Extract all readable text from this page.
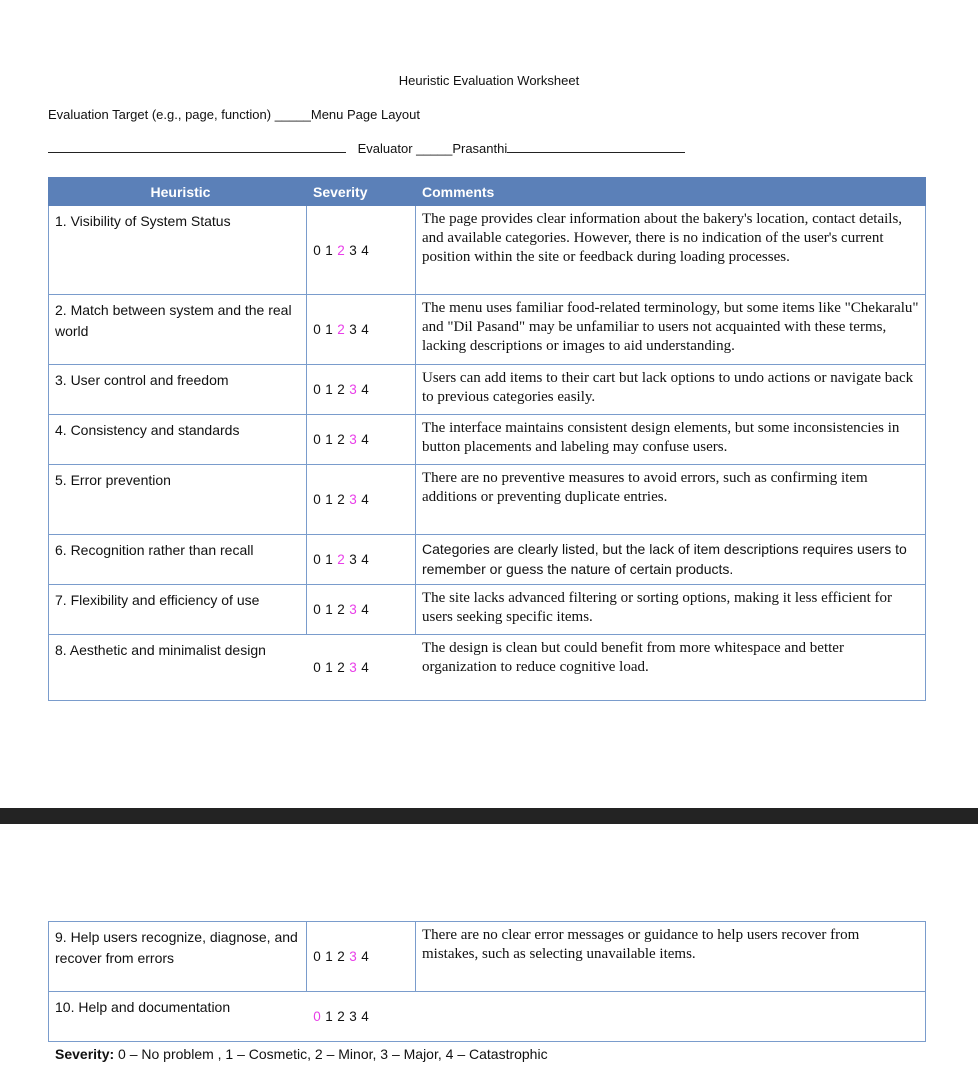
Heuristic Evaluation Worksheet
Evaluation Target (e.g., page, function) _____Menu Page Layout
Evaluator _____Prasanthi
Heuristic	Severity	Comments
1. Visibility of System Status	0 1 2 3 4	The page provides clear information about the bakery's location, contact details, and available categories. However, there is no indication of the user's current position within the site or feedback during loading processes.
2. Match between system and the real world	0 1 2 3 4	The menu uses familiar food-related terminology, but some items like "Chekaralu" and "Dil Pasand" may be unfamiliar to users not acquainted with these terms, lacking descriptions or images to aid understanding.
3. User control and freedom	0 1 2 3 4	Users can add items to their cart but lack options to undo actions or navigate back to previous categories easily.
4. Consistency and standards	0 1 2 3 4	The interface maintains consistent design elements, but some inconsistencies in button placements and labeling may confuse users.
5. Error prevention	0 1 2 3 4	There are no preventive measures to avoid errors, such as confirming item additions or preventing duplicate entries.
6. Recognition rather than recall	0 1 2 3 4	Categories are clearly listed, but the lack of item descriptions requires users to remember or guess the nature of certain products.
7. Flexibility and efficiency of use	0 1 2 3 4	The site lacks advanced filtering or sorting options, making it less efficient for users seeking specific items.
8. Aesthetic and minimalist design	0 1 2 3 4	The design is clean but could benefit from more whitespace and better organization to reduce cognitive load.
9. Help users recognize, diagnose, and recover from errors	0 1 2 3 4	There are no clear error messages or guidance to help users recover from mistakes, such as selecting unavailable items.
10. Help and documentation	0 1 2 3 4	
Severity: 0 – No problem , 1 – Cosmetic, 2 – Minor, 3 – Major, 4 – Catastrophic
